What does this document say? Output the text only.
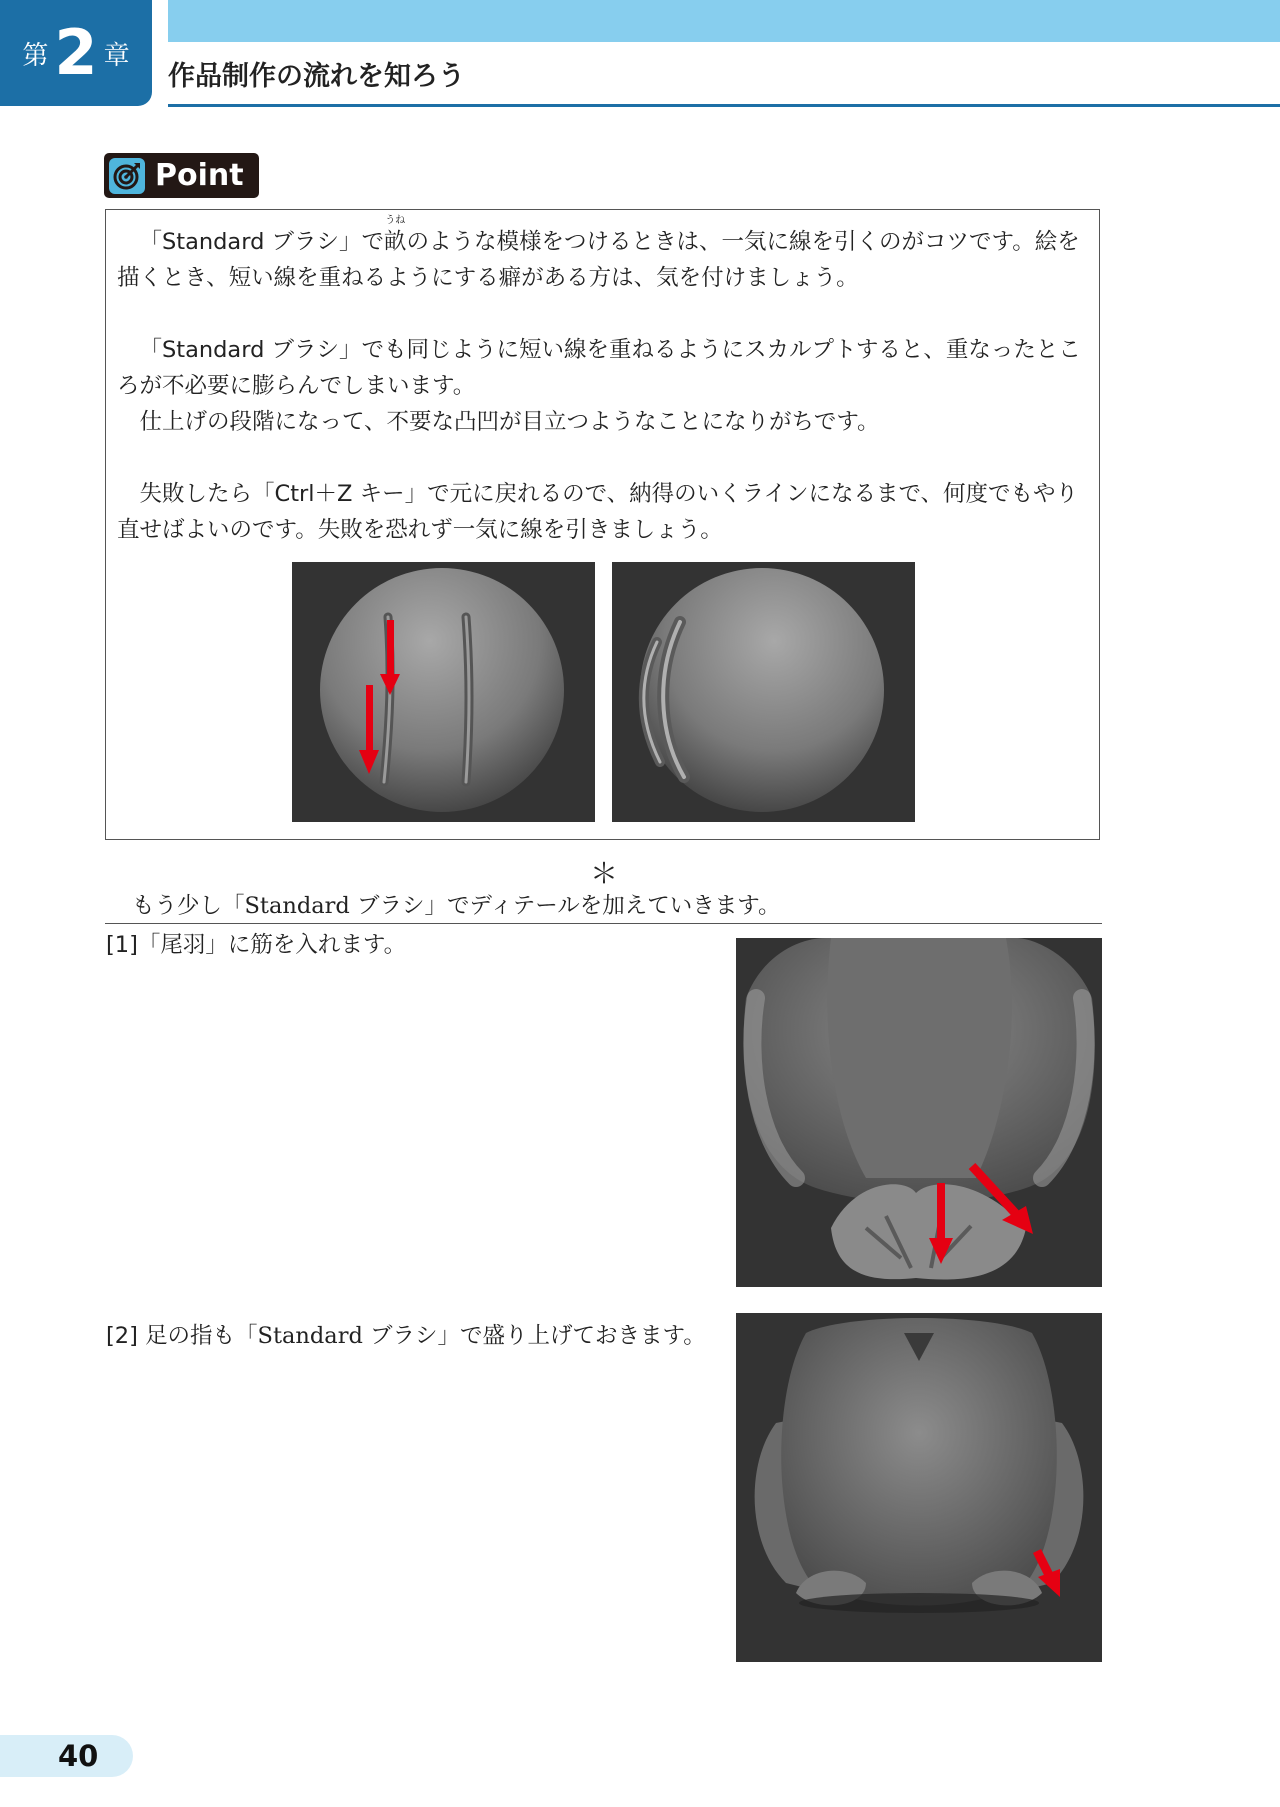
第 2 章
作品制作の流れを知ろう
Point

「Standard ブラシ」で
うね
畝のような模様をつけるときは、一気に線を引くのがコツです。絵を描くとき、短い線を重ねるようにする癖がある方は、気を付けましょう。

「Standard ブラシ」でも同じように短い線を重ねるようにスカルプトすると、重なったところが不必要に膨らんでしまいます。

仕上げの段階になって、不要な凸凹が目立つようなことになりがちです。

失敗したら「Ctrl＋Z キー」で元に戻れるので、納得のいくラインになるまで、何度でもやり直せばよいのです。失敗を恐れず一気に線を引きましょう。

＊
もう少し「Standard ブラシ」でディテールを加えていきます。
[1]「尾羽」に筋を入れます。
[2] 足の指も「Standard ブラシ」で盛り上げておきます。
40
